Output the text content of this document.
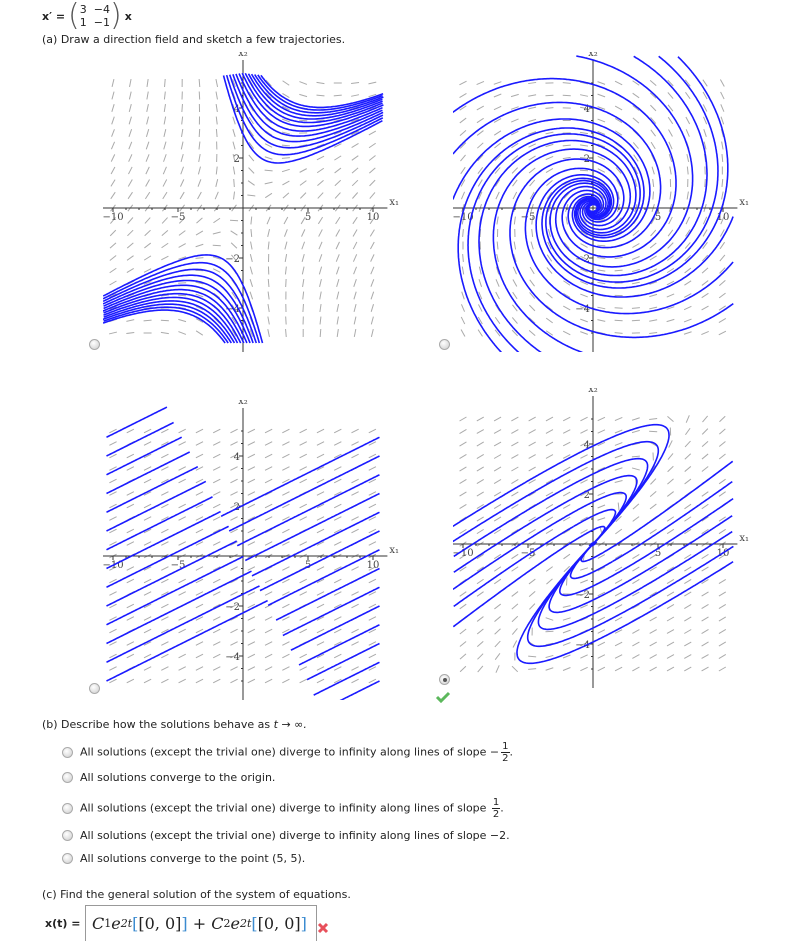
x′ = ( 3 −4
1 −1 ) x
(a) Draw a direction field and sketch a few trajectories.
−10	−5	5	10
−4
−2
2
4
x₁
x₂
−10	−5	5	10
−4
−2
2
4
x₁
x₂
−10	−5	5	10
−4
−2
2
4
x₁
x₂
−10	−5	5	10
−4
−2
2
4
x₁
x₂
(b) Describe how the solutions behave as t → ∞.
All solutions (except the trivial one) diverge to infinity along lines of slope − $\frac{1}{2}$ .
All solutions converge to the origin.
All solutions (except the trivial one) diverge to infinity along lines of slope $\frac{1}{2}$ .
All solutions (except the trivial one) diverge to infinity along lines of slope −2.
All solutions converge to the point (5, 5).
(c) Find the general solution of the system of equations.
x(t) = C 1 e 2t [ [0, 0] ]
+
C 2 e 2t [ [0, 0] ]
